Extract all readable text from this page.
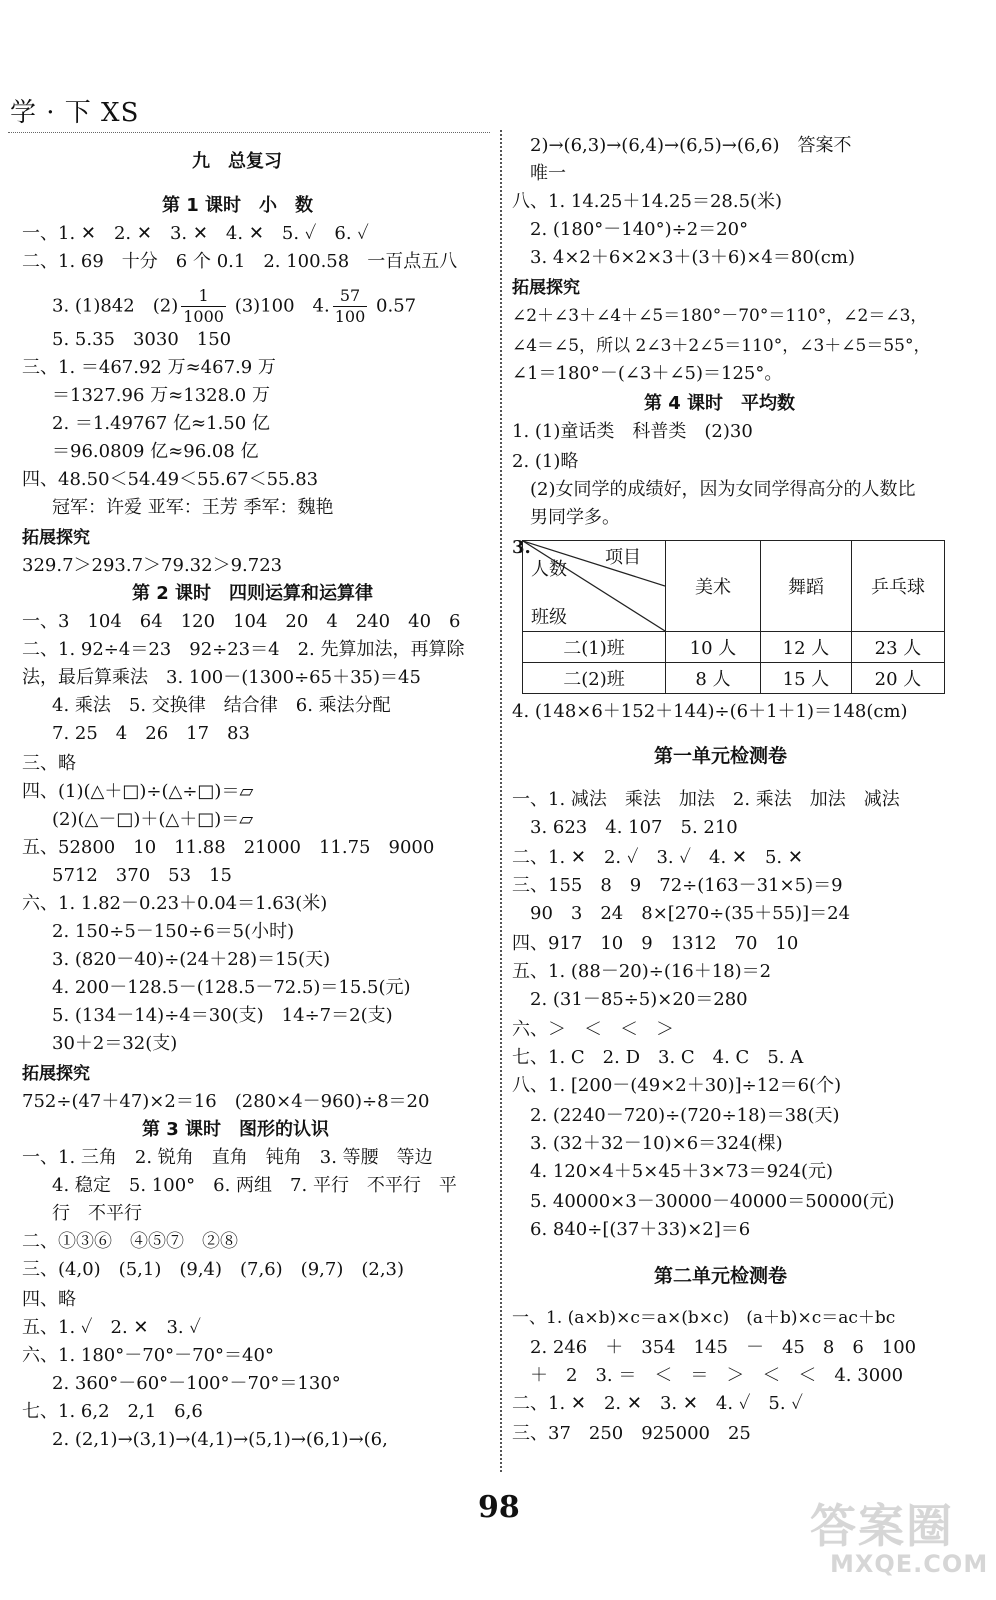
学 · 下 XS
九　总复习
第 1 课时　小　数
一、1. ✕　2. ✕　3. ✕　4. ✕　5. ✓　6. ✓
二、1. 69　十分　6 个 0.1　2. 100.58　一百点五八
3. (1)842　$(2) \frac{1}{1000} (3)100$　4. $\frac{57}{100} 0.57$
5. 5.35　3030　150
三、1. ＝467.92 万≈467.9 万
＝1327.96 万≈1328.0 万
2. ＝1.49767 亿≈1.50 亿
＝96.0809 亿≈96.08 亿
四、48.50＜54.49＜55.67＜55.83
冠军：许爱 亚军：王芳 季军：魏艳
拓展探究
329.7＞293.7＞79.32＞9.723
第 2 课时　四则运算和运算律
一、3　104　64　120　104　20　4　240　40　6
二、1. 92÷4＝23　92÷23＝4　2. 先算加法，再算除
法，最后算乘法　3. 100－(1300÷65＋35)＝45
4. 乘法　5. 交换律　结合律　6. 乘法分配
7. 25　4　26　17　83
三、略
四、(1)(△＋□)÷(△÷□)＝▱
(2)(△－□)＋(△＋□)＝▱
五、52800　10　11.88　21000　11.75　9000
5712　370　53　15
六、1. 1.82－0.23＋0.04＝1.63(米)
2. 150÷5－150÷6＝5(小时)
3. (820－40)÷(24＋28)＝15(天)
4. 200－128.5－(128.5－72.5)＝15.5(元)
5. (134－14)÷4＝30(支)　14÷7＝2(支)
30＋2＝32(支)
拓展探究
752÷(47＋47)×2＝16　(280×4－960)÷8＝20
第 3 课时　图形的认识
一、1. 三角　2. 锐角　直角　钝角　3. 等腰　等边
4. 稳定　5. 100°　6. 两组　7. 平行　不平行　平
行　不平行
二、①③⑥　④⑤⑦　②⑧
三、(4,0)　(5,1)　(9,4)　(7,6)　(9,7)　(2,3)
四、略
五、1. ✓　2. ✕　3. ✓
六、1. 180°－70°－70°＝40°
2. 360°－60°－100°－70°＝130°
七、1. 6,2　2,1　6,6
2. (2,1)→(3,1)→(4,1)→(5,1)→(6,1)→(6,
2)→(6,3)→(6,4)→(6,5)→(6,6)　答案不
唯一
八、1. 14.25＋14.25＝28.5(米)
2. (180°－140°)÷2＝20°
3. 4×2＋6×2×3＋(3＋6)×4＝80(cm)
拓展探究
∠2＋∠3＋∠4＋∠5＝180°－70°＝110°，∠2＝∠3，
∠4＝∠5，所以 2∠3＋2∠5＝110°，∠3＋∠5＝55°，
∠1＝180°－(∠3＋∠5)＝125°。
第 4 课时　平均数
1. (1)童话类　科普类　(2)30
2. (1)略
(2)女同学的成绩好，因为女同学得高分的人数比
男同学多。
3.	项目
人数
班级	美术	舞蹈	乒乓球
二(1)班	10 人	12 人	23 人
二(2)班	8 人	15 人	20 人
4. (148×6＋152＋144)÷(6＋1＋1)＝148(cm)
第一单元检测卷
一、1. 减法　乘法　加法　2. 乘法　加法　减法
3. 623　4. 107　5. 210
二、1. ✕　2. ✓　3. ✓　4. ✕　5. ✕
三、155　8　9　72÷(163－31×5)＝9
90　3　24　8×[270÷(35＋55)]＝24
四、917　10　9　1312　70　10
五、1. (88－20)÷(16＋18)＝2
2. (31－85÷5)×20＝280
六、＞　＜　＜　＞
七、1. C　2. D　3. C　4. C　5. A
八、1. [200－(49×2＋30)]÷12＝6(个)
2. (2240－720)÷(720÷18)＝38(天)
3. (32＋32－10)×6＝324(棵)
4. 120×4＋5×45＋3×73＝924(元)
5. 40000×3－30000－40000＝50000(元)
6. 840÷[(37＋33)×2]＝6
第二单元检测卷
一、1. (a×b)×c＝a×(b×c)　(a＋b)×c＝ac＋bc
2. 246　＋　354　145　－　45　8　6　100
＋　2　3. ＝　＜　＝　＞　＜　＜　4. 3000
二、1. ✕　2. ✕　3. ✕　4. ✓　5. ✓
三、37　250　925000　25
98	答案圈
MXQE.COM
